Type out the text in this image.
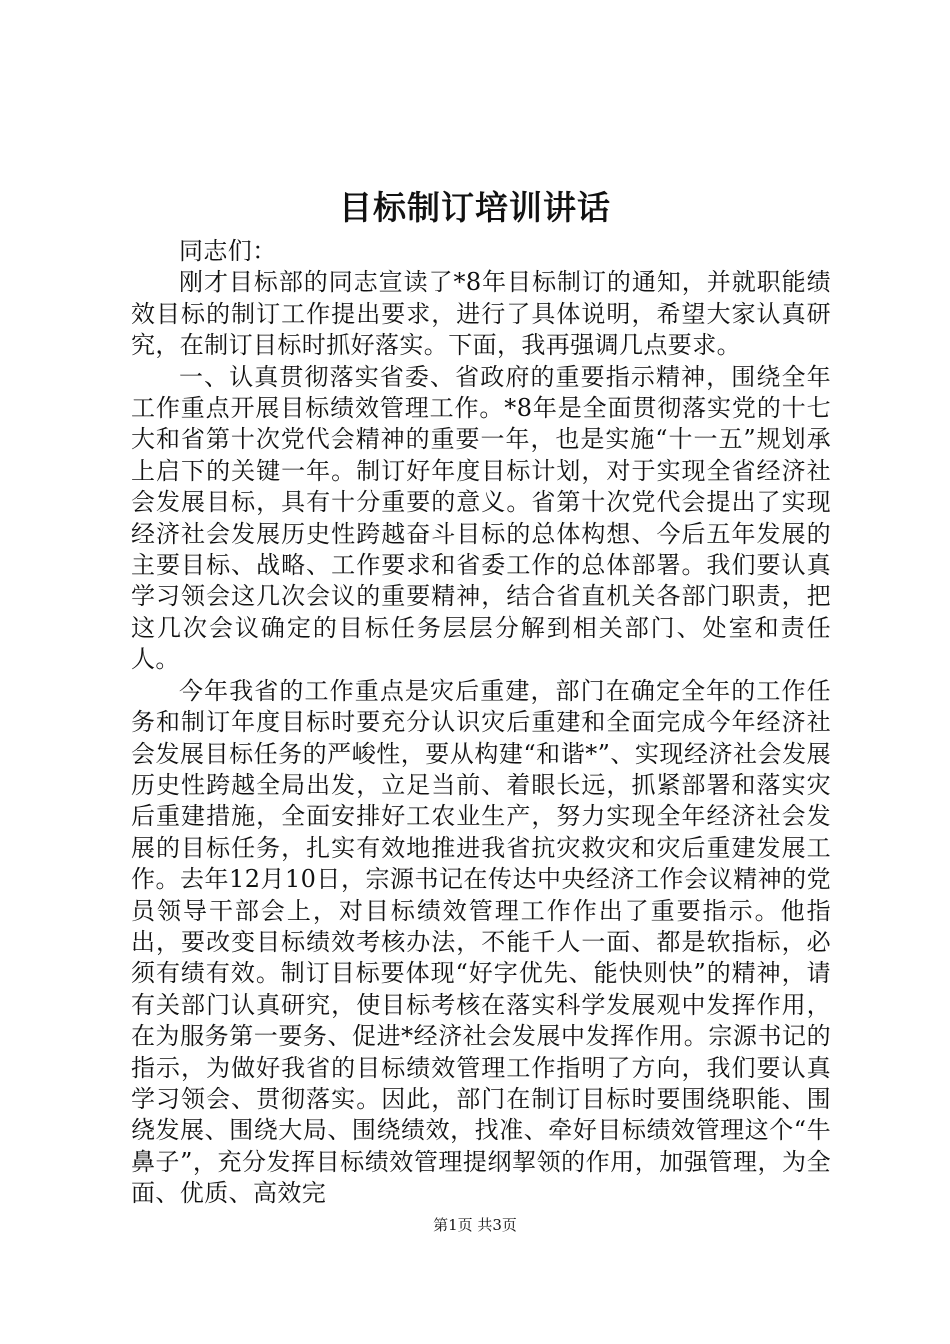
目标制订培训讲话

同志们：

刚才目标部的同志宣读了*8年目标制订的通知，并就职能绩效目标的制订工作提出要求，进行了具体说明，希望大家认真研究，在制订目标时抓好落实。下面，我再强调几点要求。

一、认真贯彻落实省委、省政府的重要指示精神，围绕全年工作重点开展目标绩效管理工作。*8年是全面贯彻落实党的十七大和省第十次党代会精神的重要一年，也是实施“十一五”规划承上启下的关键一年。制订好年度目标计划，对于实现全省经济社会发展目标，具有十分重要的意义。省第十次党代会提出了实现经济社会发展历史性跨越奋斗目标的总体构想、今后五年发展的主要目标、战略、工作要求和省委工作的总体部署。我们要认真学习领会这几次会议的重要精神，结合省直机关各部门职责，把这几次会议确定的目标任务层层分解到相关部门、处室和责任人。

今年我省的工作重点是灾后重建，部门在确定全年的工作任务和制订年度目标时要充分认识灾后重建和全面完成今年经济社会发展目标任务的严峻性，要从构建“和谐*”、实现经济社会发展历史性跨越全局出发，立足当前、着眼长远，抓紧部署和落实灾后重建措施，全面安排好工农业生产，努力实现全年经济社会发展的目标任务，扎实有效地推进我省抗灾救灾和灾后重建发展工作。去年12月10日，宗源书记在传达中央经济工作会议精神的党员领导干部会上，对目标绩效管理工作作出了重要指示。他指出，要改变目标绩效考核办法，不能千人一面、都是软指标，必须有绩有效。制订目标要体现“好字优先、能快则快”的精神，请有关部门认真研究，使目标考核在落实科学发展观中发挥作用，在为服务第一要务、促进*经济社会发展中发挥作用。宗源书记的指示，为做好我省的目标绩效管理工作指明了方向，我们要认真学习领会、贯彻落实。因此，部门在制订目标时要围绕职能、围绕发展、围绕大局、围绕绩效，找准、牵好目标绩效管理这个“牛鼻子”，充分发挥目标绩效管理提纲挈领的作用，加强管理，为全面、优质、高效完

第1页 共3页
